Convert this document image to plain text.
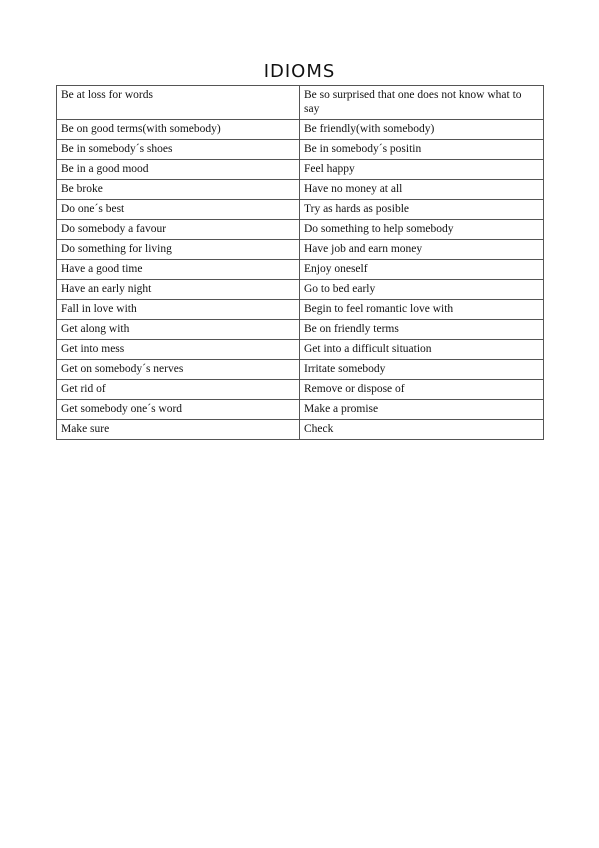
IDIOMS
Be at loss for words	Be so surprised that one does not know what to say
Be on good terms(with somebody)	Be friendly(with somebody)
Be in somebody´s shoes	Be in somebody´s positin
Be in a good mood	Feel happy
Be broke	Have no money at all
Do one´s best	Try as hards as posible
Do somebody a favour	Do something to help somebody
Do something for living	Have job and earn money
Have a good time	Enjoy oneself
Have an early night	Go to bed early
Fall in love with	Begin to feel romantic love with
Get along with	Be on friendly terms
Get into mess	Get into a difficult situation
Get on somebody´s nerves	Irritate somebody
Get rid of	Remove or dispose of
Get somebody one´s word	Make a promise
Make sure	Check
